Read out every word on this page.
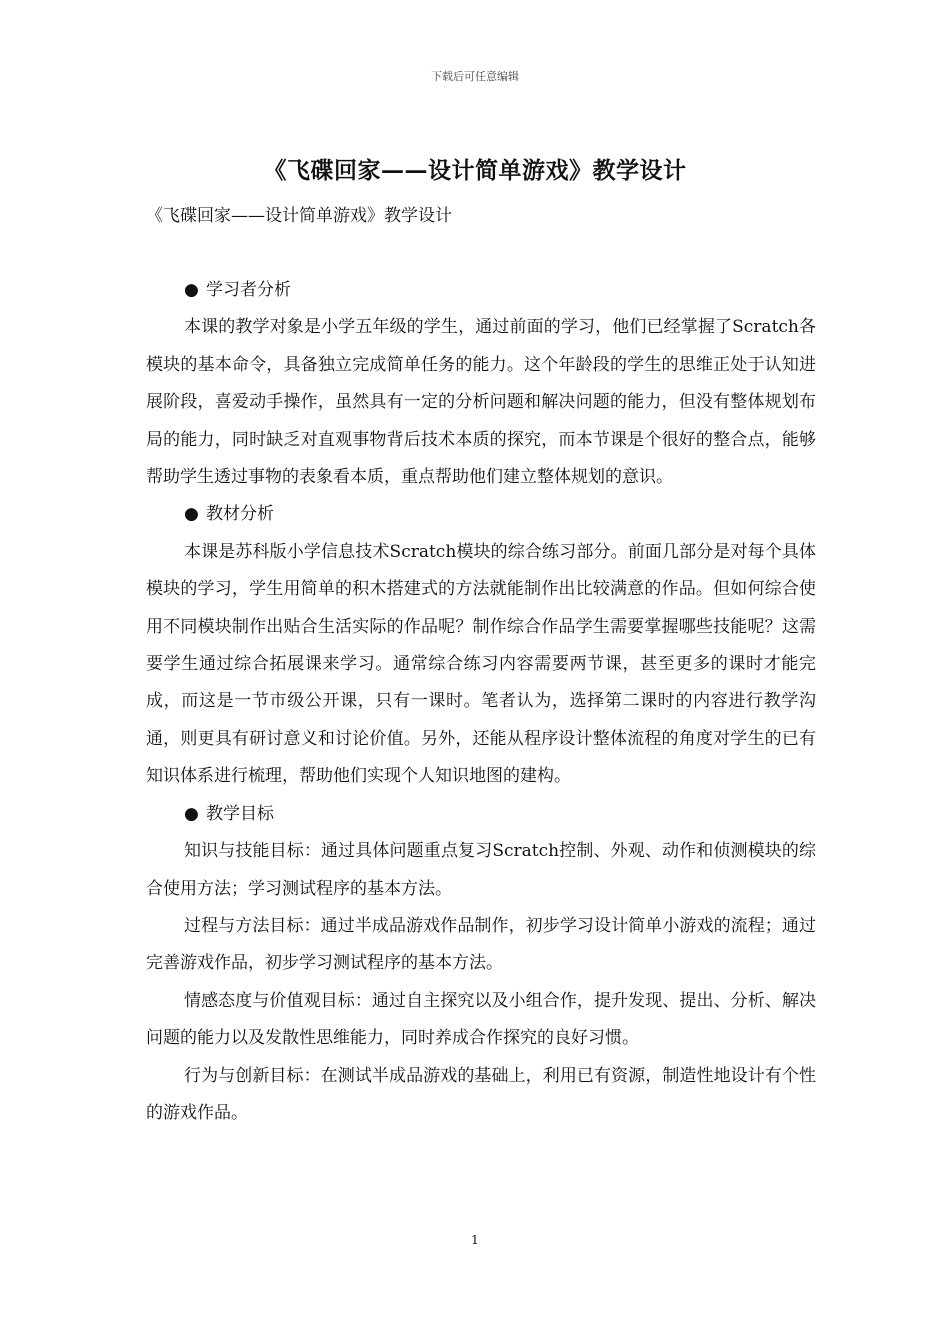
下载后可任意编辑
《飞碟回家——设计简单游戏》教学设计
《飞碟回家——设计简单游戏》教学设计
● 学习者分析

本课的教学对象是小学五年级的学生，通过前面的学习，他们已经掌握了Scratch各模块的基本命令，具备独立完成简单任务的能力。这个年龄段的学生的思维正处于认知进展阶段，喜爱动手操作，虽然具有一定的分析问题和解决问题的能力，但没有整体规划布局的能力，同时缺乏对直观事物背后技术本质的探究，而本节课是个很好的整合点，能够帮助学生透过事物的表象看本质，重点帮助他们建立整体规划的意识。

● 教材分析

本课是苏科版小学信息技术Scratch模块的综合练习部分。前面几部分是对每个具体模块的学习，学生用简单的积木搭建式的方法就能制作出比较满意的作品。但如何综合使用不同模块制作出贴合生活实际的作品呢？制作综合作品学生需要掌握哪些技能呢？这需要学生通过综合拓展课来学习。通常综合练习内容需要两节课，甚至更多的课时才能完成，而这是一节市级公开课，只有一课时。笔者认为，选择第二课时的内容进行教学沟通，则更具有研讨意义和讨论价值。另外，还能从程序设计整体流程的角度对学生的已有知识体系进行梳理，帮助他们实现个人知识地图的建构。

● 教学目标

知识与技能目标：通过具体问题重点复习Scratch控制、外观、动作和侦测模块的综合使用方法；学习测试程序的基本方法。

过程与方法目标：通过半成品游戏作品制作，初步学习设计简单小游戏的流程；通过完善游戏作品，初步学习测试程序的基本方法。

情感态度与价值观目标：通过自主探究以及小组合作，提升发现、提出、分析、解决问题的能力以及发散性思维能力，同时养成合作探究的良好习惯。

行为与创新目标：在测试半成品游戏的基础上，利用已有资源，制造性地设计有个性的游戏作品。

1
